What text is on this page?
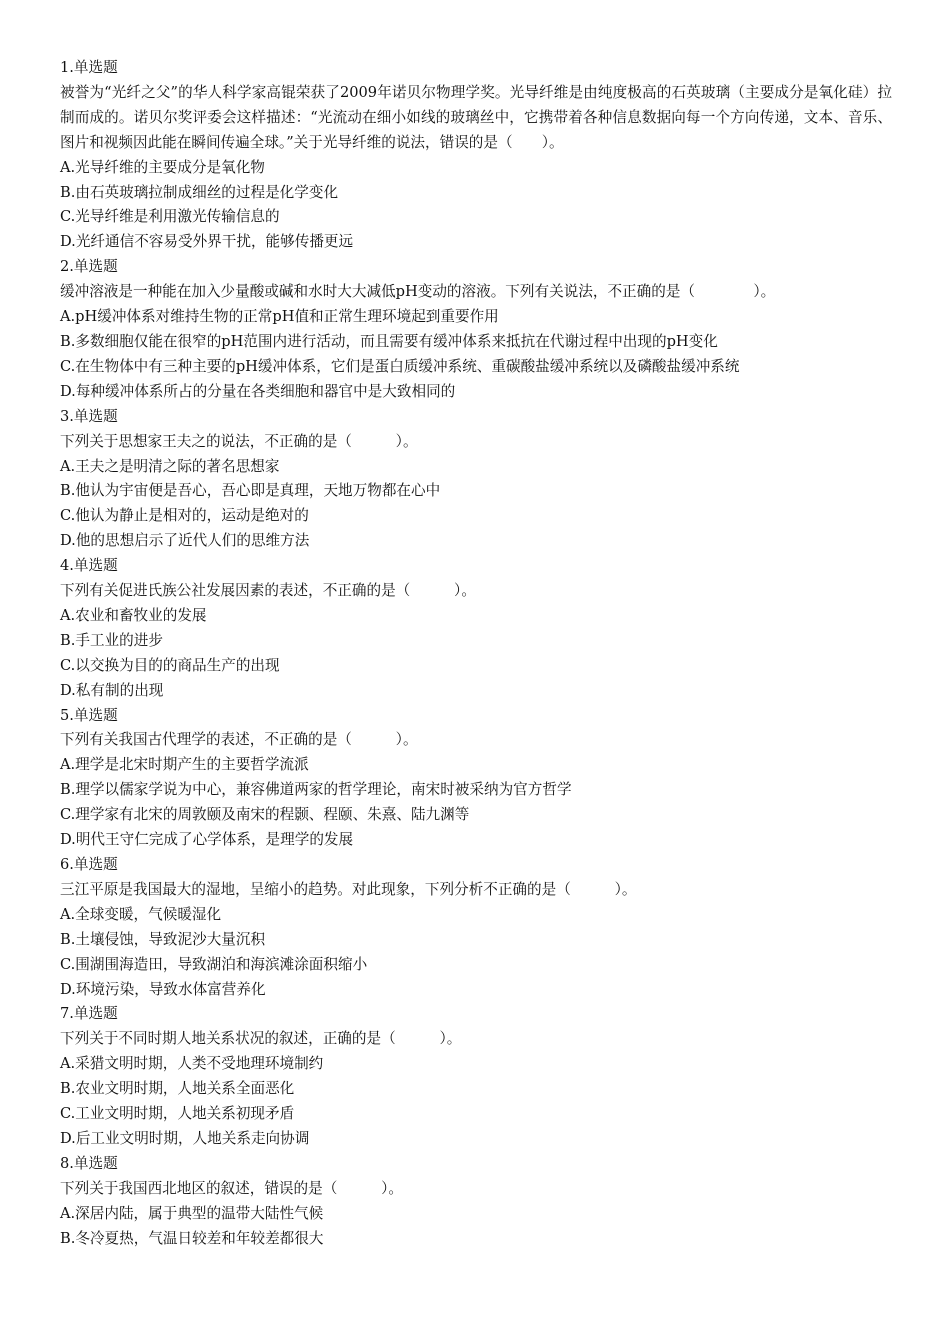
1.单选题

被誉为“光纤之父”的华人科学家高锟荣获了2009年诺贝尔物理学奖。光导纤维是由纯度极高的石英玻璃（主要成分是氧化硅）拉制而成的。诺贝尔奖评委会这样描述：“光流动在细小如线的玻璃丝中，它携带着各种信息数据向每一个方向传递，文本、音乐、图片和视频因此能在瞬间传遍全球。”关于光导纤维的说法，错误的是（　　）。

A.光导纤维的主要成分是氧化物

B.由石英玻璃拉制成细丝的过程是化学变化

C.光导纤维是利用激光传输信息的

D.光纤通信不容易受外界干扰，能够传播更远

2.单选题

缓冲溶液是一种能在加入少量酸或碱和水时大大减低pH变动的溶液。下列有关说法，不正确的是（　　　　）。

A.pH缓冲体系对维持生物的正常pH值和正常生理环境起到重要作用

B.多数细胞仅能在很窄的pH范围内进行活动，而且需要有缓冲体系来抵抗在代谢过程中出现的pH变化

C.在生物体中有三种主要的pH缓冲体系，它们是蛋白质缓冲系统、重碳酸盐缓冲系统以及磷酸盐缓冲系统

D.每种缓冲体系所占的分量在各类细胞和器官中是大致相同的

3.单选题

下列关于思想家王夫之的说法，不正确的是（　　　）。

A.王夫之是明清之际的著名思想家

B.他认为宇宙便是吾心，吾心即是真理，天地万物都在心中

C.他认为静止是相对的，运动是绝对的

D.他的思想启示了近代人们的思维方法

4.单选题

下列有关促进氏族公社发展因素的表述，不正确的是（　　　）。

A.农业和畜牧业的发展

B.手工业的进步

C.以交换为目的的商品生产的出现

D.私有制的出现

5.单选题

下列有关我国古代理学的表述，不正确的是（　　　）。

A.理学是北宋时期产生的主要哲学流派

B.理学以儒家学说为中心，兼容佛道两家的哲学理论，南宋时被采纳为官方哲学

C.理学家有北宋的周敦颐及南宋的程颢、程颐、朱熹、陆九渊等

D.明代王守仁完成了心学体系，是理学的发展

6.单选题

三江平原是我国最大的湿地，呈缩小的趋势。对此现象，下列分析不正确的是（　　　）。

A.全球变暖，气候暖湿化

B.土壤侵蚀，导致泥沙大量沉积

C.围湖围海造田，导致湖泊和海滨滩涂面积缩小

D.环境污染，导致水体富营养化

7.单选题

下列关于不同时期人地关系状况的叙述，正确的是（　　　）。

A.采猎文明时期，人类不受地理环境制约

B.农业文明时期，人地关系全面恶化

C.工业文明时期，人地关系初现矛盾

D.后工业文明时期，人地关系走向协调

8.单选题

下列关于我国西北地区的叙述，错误的是（　　　）。

A.深居内陆，属于典型的温带大陆性气候

B.冬冷夏热，气温日较差和年较差都很大
